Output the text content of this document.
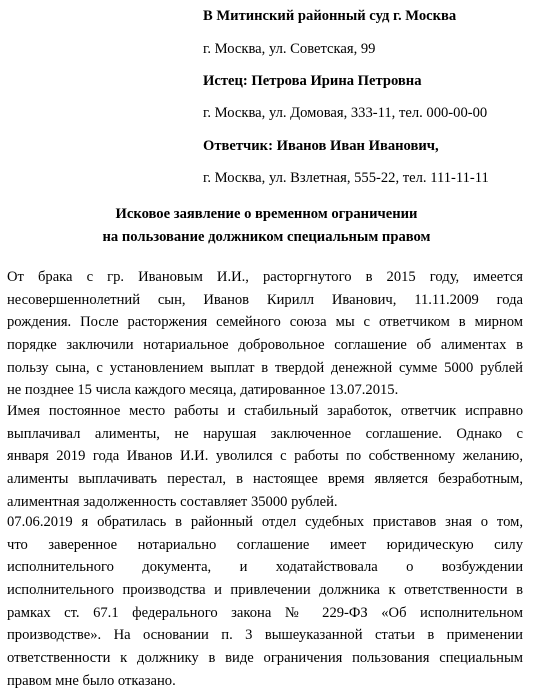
В Митинский районный суд г. Москва
г. Москва, ул. Советская, 99
Истец: Петрова Ирина Петровна
г. Москва, ул. Домовая, 333-11, тел. 000-00-00
Ответчик: Иванов Иван Иванович,
г. Москва, ул. Взлетная, 555-22, тел. 111-11-11
Исковое заявление о временном ограничении
на пользование должником специальным правом
От брака с гр. Ивановым И.И., расторгнутого в 2015 году, имеется
несовершеннолетний сын, Иванов Кирилл Иванович, 11.11.2009 года
рождения. После расторжения семейного союза мы с ответчиком в мирном
порядке заключили нотариальное добровольное соглашение об алиментах в
пользу сына, с установлением выплат в твердой денежной сумме 5000 рублей
не позднее 15 числа каждого месяца, датированное 13.07.2015.
Имея постоянное место работы и стабильный заработок, ответчик исправно
выплачивал алименты, не нарушая заключенное соглашение. Однако с
января 2019 года Иванов И.И. уволился с работы по собственному желанию,
алименты выплачивать перестал, в настоящее время является безработным,
алиментная задолженность составляет 35000 рублей.
07.06.2019 я обратилась в районный отдел судебных приставов зная о том,
что заверенное нотариально соглашение имеет юридическую силу
исполнительного документа, и ходатайствовала о возбуждении
исполнительного производства и привлечении должника к ответственности в
рамках ст. 67.1 федерального закона № 229-ФЗ «Об исполнительном
производстве». На основании п. 3 вышеуказанной статьи в применении
ответственности к должнику в виде ограничения пользования специальным
правом мне было отказано.
